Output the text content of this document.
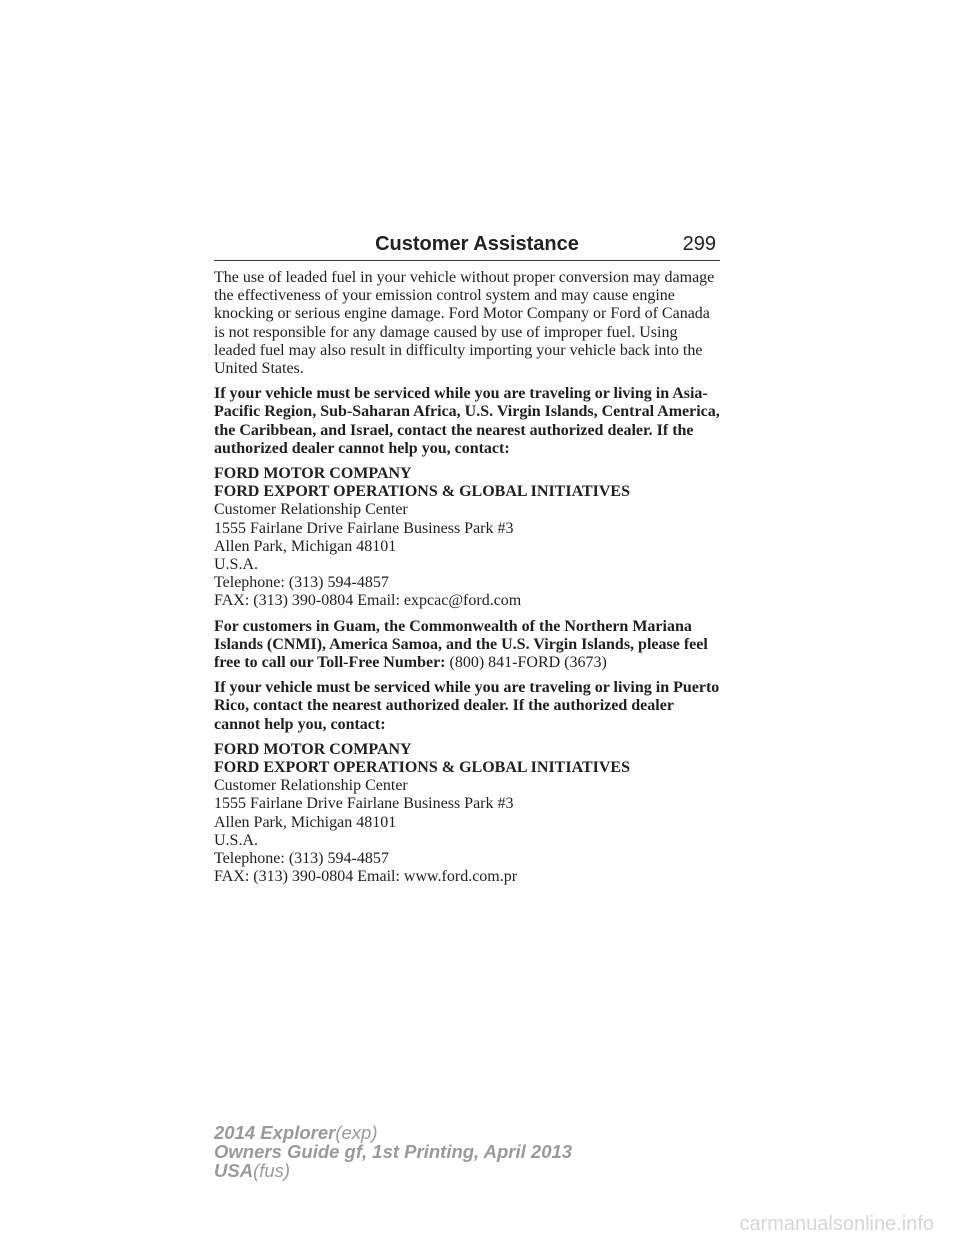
Customer Assistance	299

The use of leaded fuel in your vehicle without proper conversion may damage the effectiveness of your emission control system and may cause engine knocking or serious engine damage. Ford Motor Company or Ford of Canada is not responsible for any damage caused by use of improper fuel. Using leaded fuel may also result in difficulty importing your vehicle back into the United States.

If your vehicle must be serviced while you are traveling or living in Asia-Pacific Region, Sub-Saharan Africa, U.S. Virgin Islands, Central America, the Caribbean, and Israel, contact the nearest authorized dealer. If the authorized dealer cannot help you, contact:

FORD MOTOR COMPANY
FORD EXPORT OPERATIONS & GLOBAL INITIATIVES
Customer Relationship Center
1555 Fairlane Drive Fairlane Business Park #3
Allen Park, Michigan 48101
U.S.A.
Telephone: (313) 594-4857
FAX: (313) 390-0804 Email: expcac@ford.com

For customers in Guam, the Commonwealth of the Northern Mariana Islands (CNMI), America Samoa, and the U.S. Virgin Islands, please feel free to call our Toll-Free Number: (800) 841-FORD (3673)

If your vehicle must be serviced while you are traveling or living in Puerto Rico, contact the nearest authorized dealer. If the authorized dealer cannot help you, contact:

FORD MOTOR COMPANY
FORD EXPORT OPERATIONS & GLOBAL INITIATIVES
Customer Relationship Center
1555 Fairlane Drive Fairlane Business Park #3
Allen Park, Michigan 48101
U.S.A.
Telephone: (313) 594-4857
FAX: (313) 390-0804 Email: www.ford.com.pr
2014 Explorer(exp)
Owners Guide gf, 1st Printing, April 2013
USA(fus)
carmanualsonline.info
